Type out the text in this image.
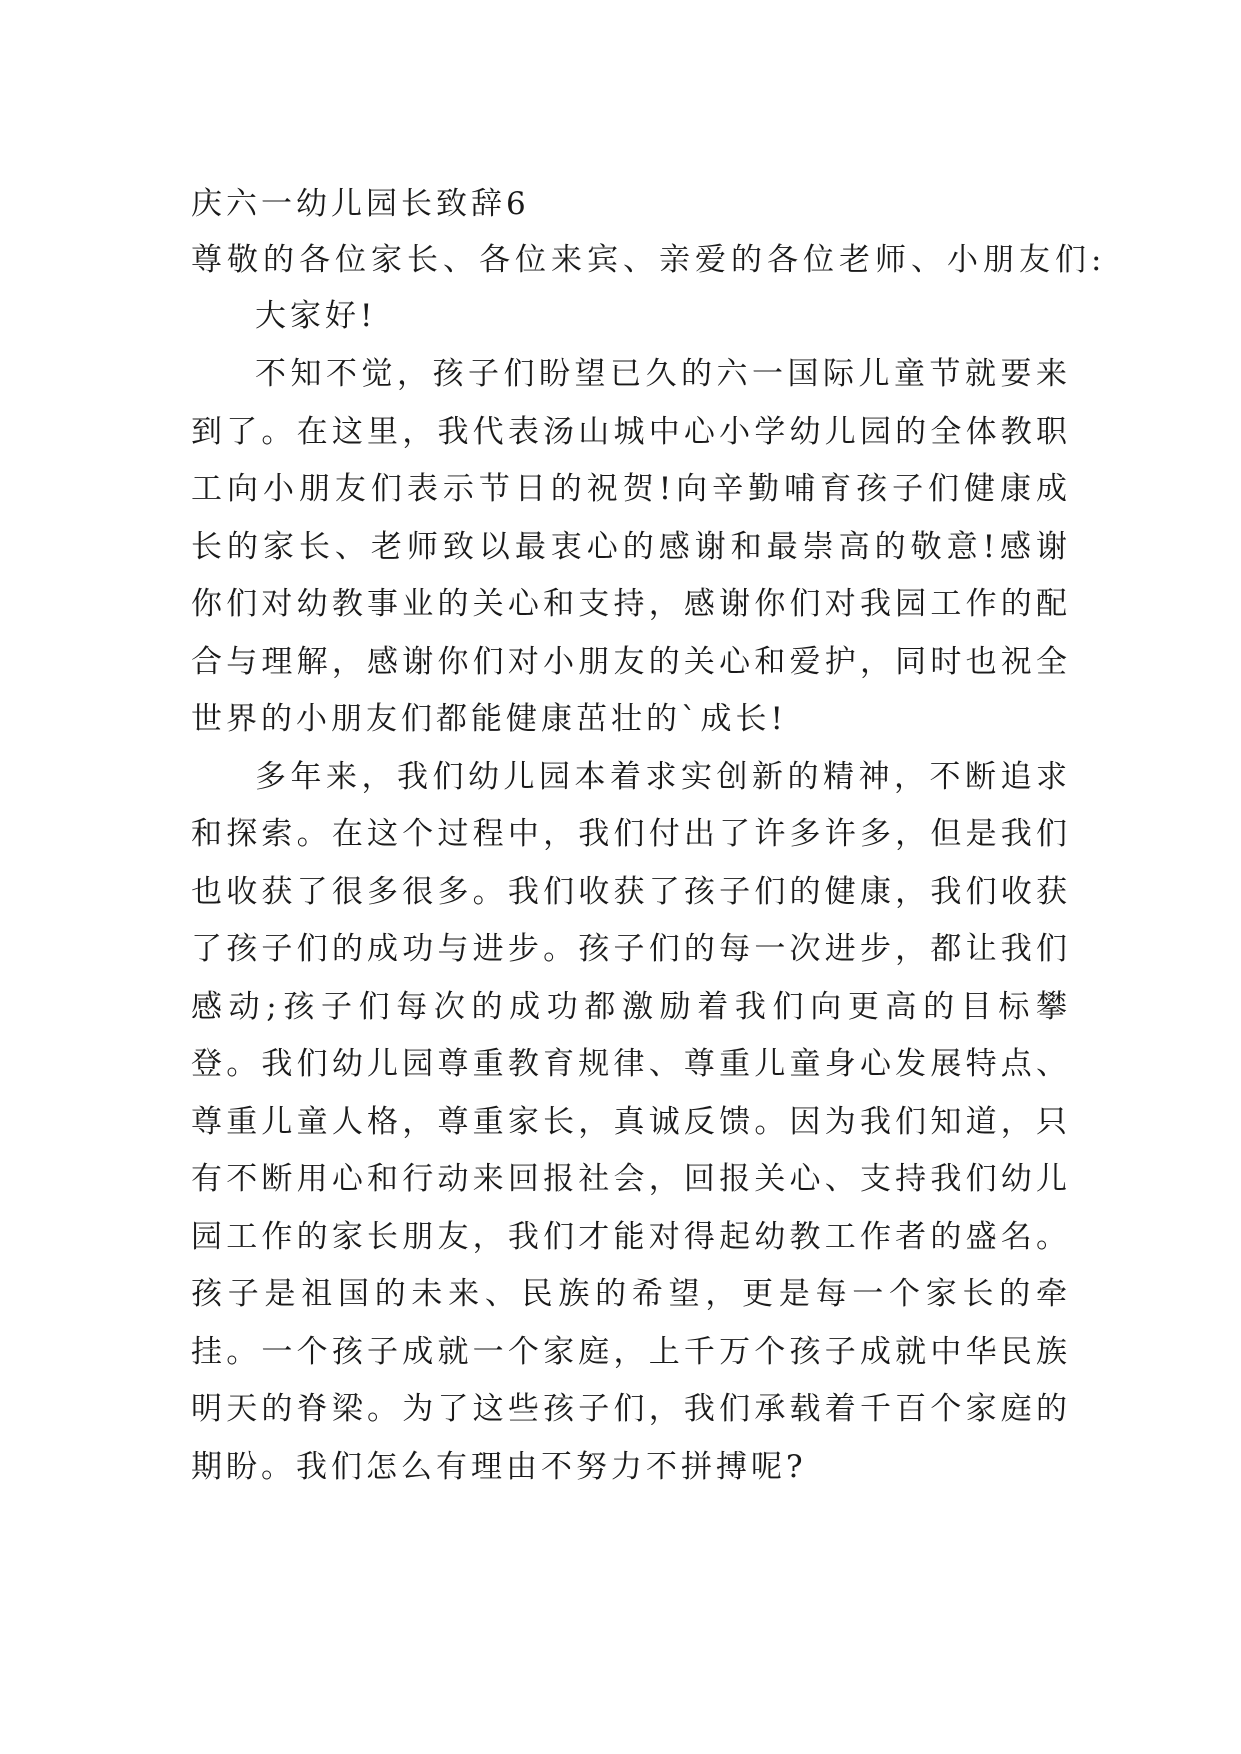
庆六一幼儿园长致辞6
尊敬的各位家长、各位来宾、亲爱的各位老师、小朋友们:

大家好!

不知不觉，孩子们盼望已久的六一国际儿童节就要来到了。在这里，我代表汤山城中心小学幼儿园的全体教职工向小朋友们表示节日的祝贺!向辛勤哺育孩子们健康成长的家长、老师致以最衷心的感谢和最崇高的敬意!感谢你们对幼教事业的关心和支持，感谢你们对我园工作的配合与理解，感谢你们对小朋友的关心和爱护，同时也祝全世界的小朋友们都能健康茁壮的`成长!

多年来，我们幼儿园本着求实创新的精神，不断追求和探索。在这个过程中，我们付出了许多许多，但是我们也收获了很多很多。我们收获了孩子们的健康，我们收获了孩子们的成功与进步。孩子们的每一次进步，都让我们感动;孩子们每次的成功都激励着我们向更高的目标攀登。我们幼儿园尊重教育规律、尊重儿童身心发展特点、尊重儿童人格，尊重家长，真诚反馈。因为我们知道，只有不断用心和行动来回报社会，回报关心、支持我们幼儿园工作的家长朋友，我们才能对得起幼教工作者的盛名。孩子是祖国的未来、民族的希望，更是每一个家长的牵挂。一个孩子成就一个家庭，上千万个孩子成就中华民族明天的脊梁。为了这些孩子们，我们承载着千百个家庭的期盼。我们怎么有理由不努力不拼搏呢?
